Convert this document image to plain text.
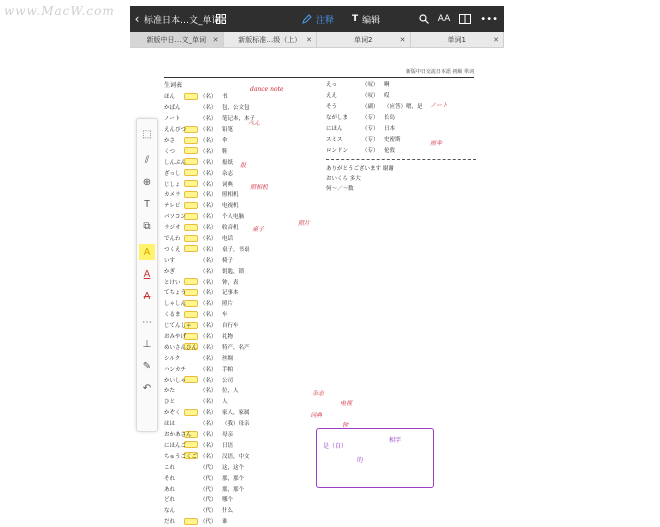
www.MacW.com
‹ 标准日本…文_单词	注释 T 编辑	AA	•••
新版中日…文_单词 ✕	新版标准…级（上） ✕	单词2	✕	单词1	✕
新版中日交流日本語 初級 単词
生词表
ほん	（名） 书
かばん	（名） 包，公文包
ノート	（名） 笔记本，本子
えんぴつ	（名） 铅笔
かさ	（名） 伞
くつ	（名） 鞋
しんぶん	（名） 报纸
ざっし	（名） 杂志
じしょ	（名） 词典
カメラ	（名） 照相机
テレビ	（名） 电视机
パソコン	（名） 个人电脑
ラジオ	（名） 收音机
でんわ	（名） 电话
つくえ	（名） 桌子，书桌
いす	（名） 椅子
かぎ	（名） 钥匙，锁
とけい	（名） 钟，表
てちょう	（名） 记事本
しゃしん	（名） 照片
くるま	（名） 车
じてんしゃ	（名） 自行车
おみやげ	（名） 礼物
めいさんひん （名） 特产，名产
シルク	（名） 丝绸
ハンカチ	（名） 手帕
かいしゃ	（名） 公司
かた	（名） 位，人
ひと	（名） 人
かぞく	（名） 家人，家属
はは	（名） （我）母亲
おかあさん	（名） 母亲
にほんご	（名） 日语
ちゅうごくご （名） 汉语，中文
これ	（代） 这，这个
それ	（代） 那，那个
あれ	（代） 那，那个
どれ	（代） 哪个
なん	（代） 什么
だれ	（代） 谁
えっ	（叹） 啊
ええ	（叹） 哎
そう	（副） （应答）嗯，是
ながしま	（专） 长岛
にほん	（专） 日本
スミス	（专） 史密斯
ロンドン	（专） 伦敦
ありがとうございます 谢谢
おいくら 多大
何〜／〜数
dance note
ぺん
报
照相机
桌子
照片
ノート
雨伞
杂志
电视
词典
钟
是（自）
的
相字
⬚
⫽
⊕
T
⧉
A
A
A
⋯
⊥
✎
↶
